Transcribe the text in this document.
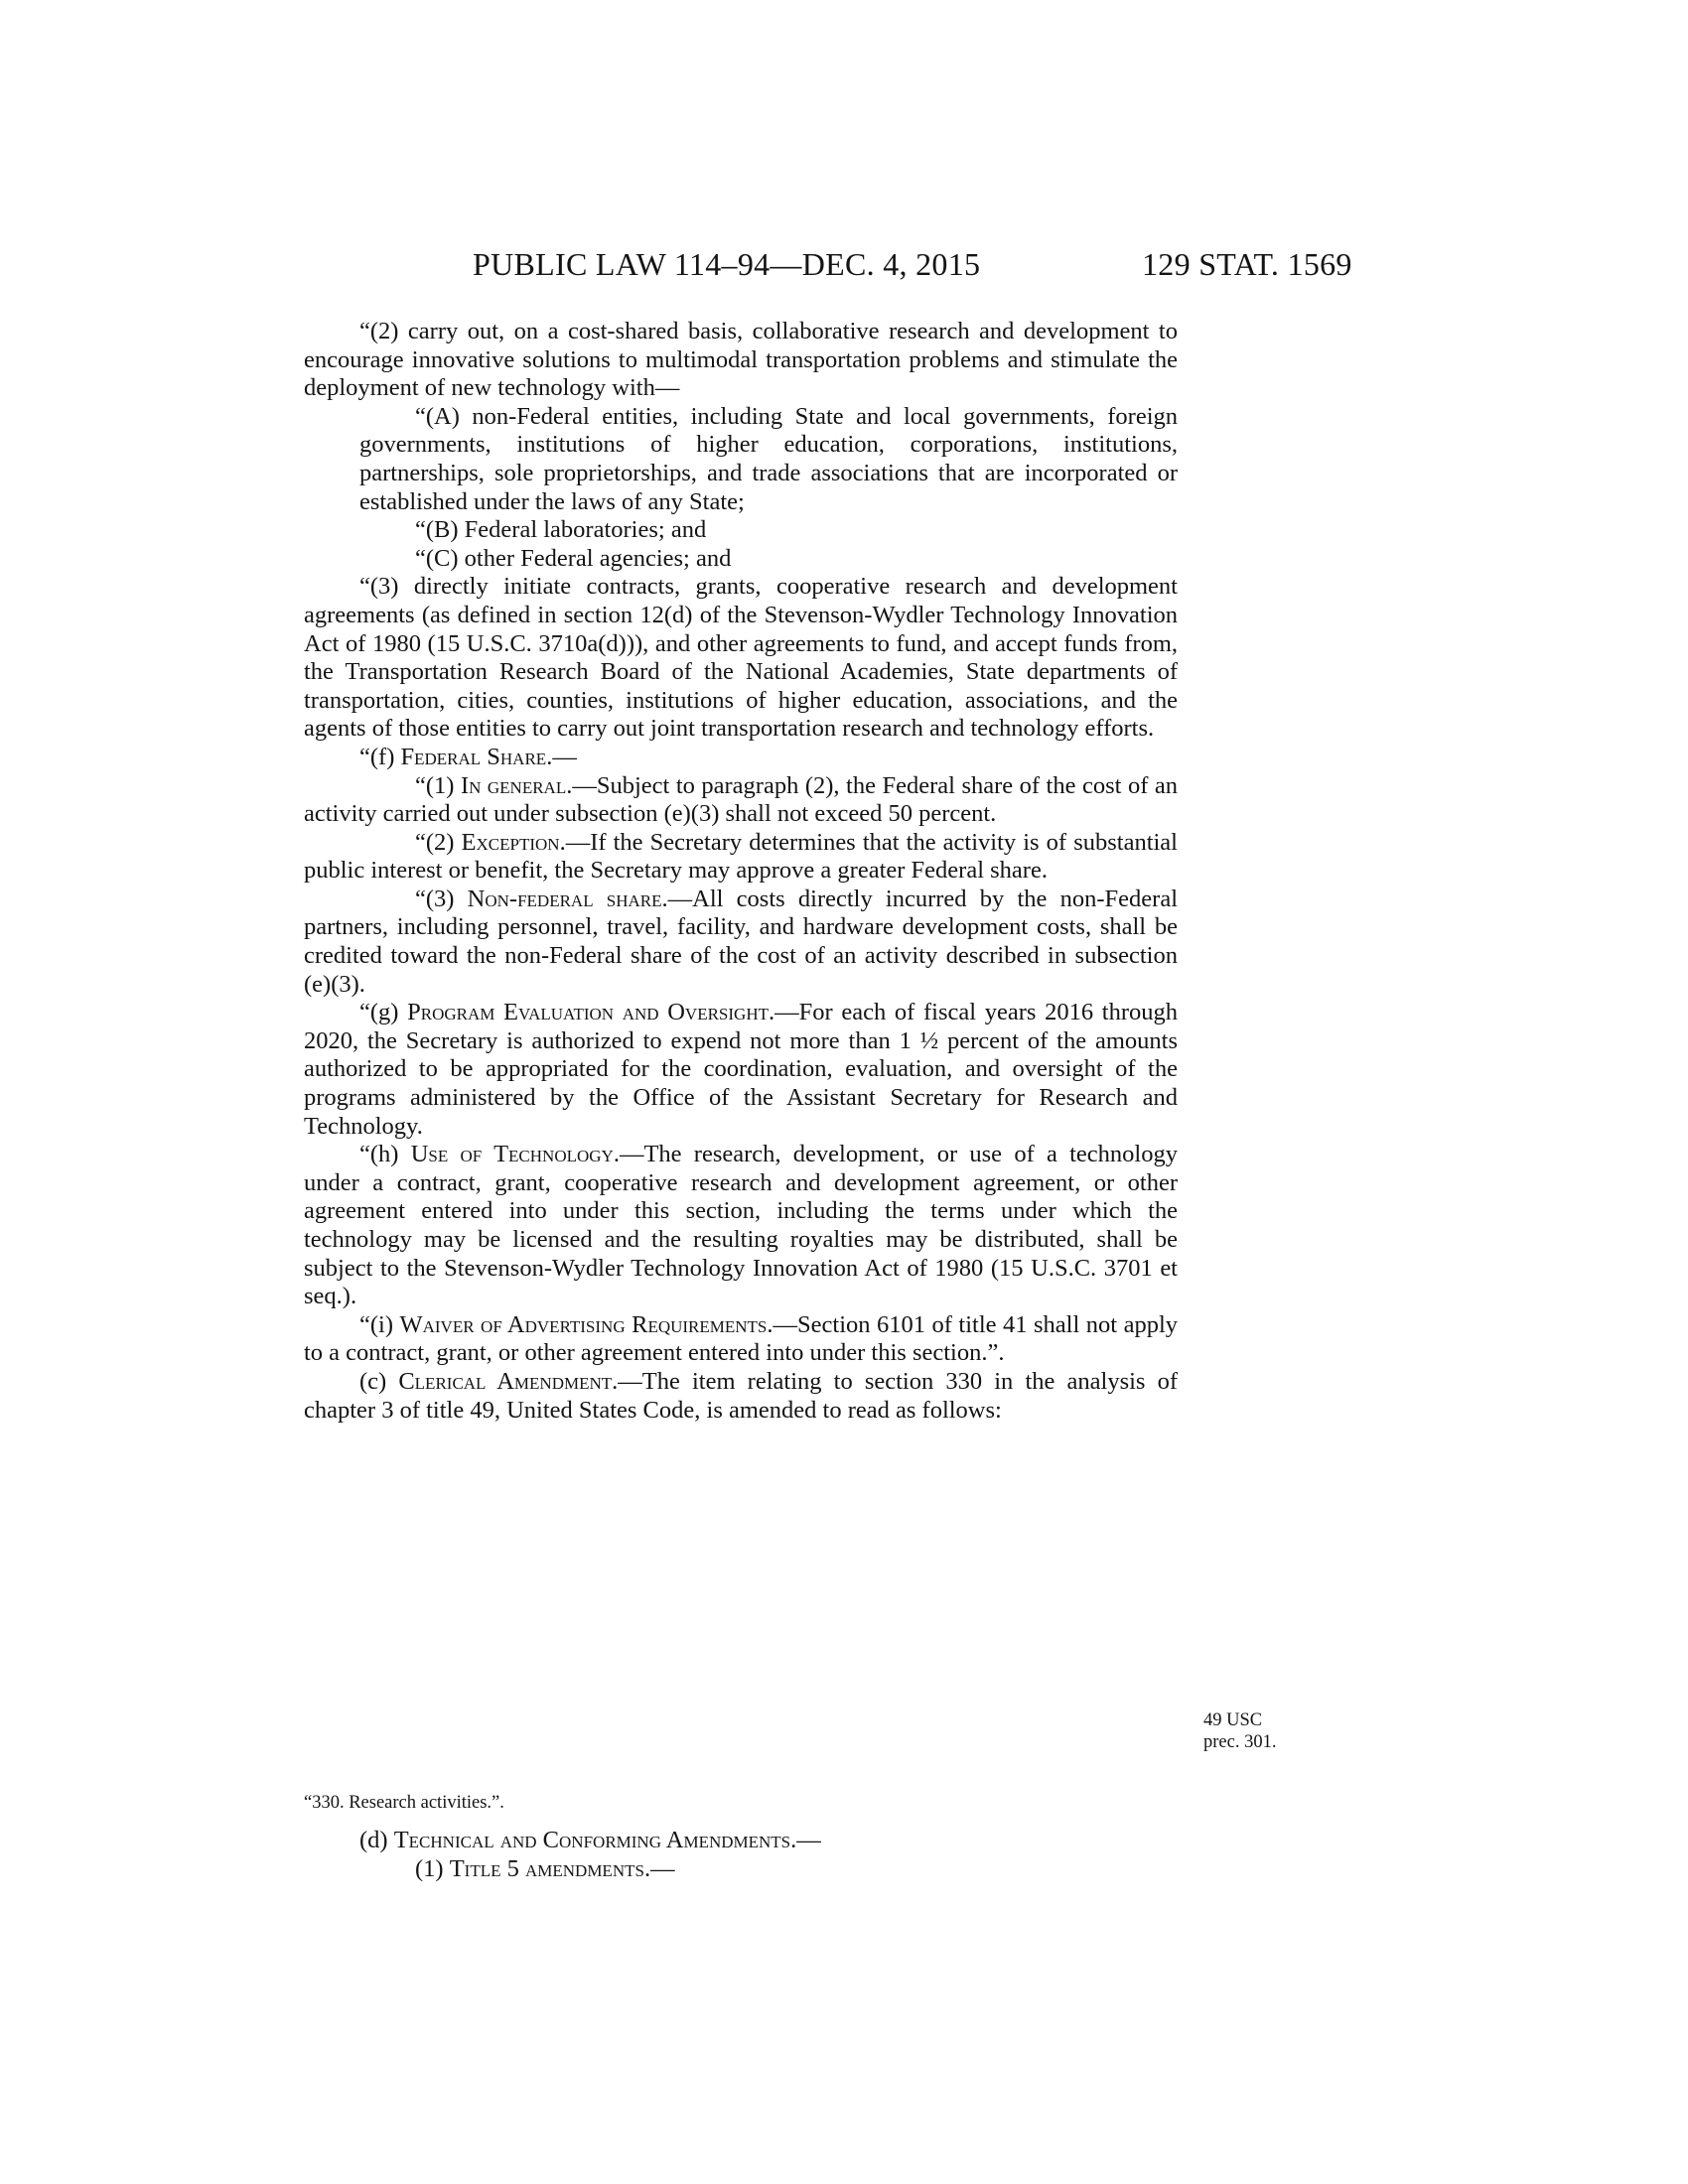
PUBLIC LAW 114–94—DEC. 4, 2015	129 STAT. 1569

“(2) carry out, on a cost-shared basis, collaborative research and development to encourage innovative solutions to multimodal transportation problems and stimulate the deployment of new technology with—

“(A) non-Federal entities, including State and local governments, foreign governments, institutions of higher education, corporations, institutions, partnerships, sole proprietorships, and trade associations that are incorporated or established under the laws of any State;

“(B) Federal laboratories; and

“(C) other Federal agencies; and

“(3) directly initiate contracts, grants, cooperative research and development agreements (as defined in section 12(d) of the Stevenson-Wydler Technology Innovation Act of 1980 (15 U.S.C. 3710a(d))), and other agreements to fund, and accept funds from, the Transportation Research Board of the National Academies, State departments of transportation, cities, counties, institutions of higher education, associations, and the agents of those entities to carry out joint transportation research and technology efforts.

“(f) Federal Share.—

“(1) In general.—Subject to paragraph (2), the Federal share of the cost of an activity carried out under subsection (e)(3) shall not exceed 50 percent.

“(2) Exception.—If the Secretary determines that the activity is of substantial public interest or benefit, the Secretary may approve a greater Federal share.

“(3) Non-federal share.—All costs directly incurred by the non-Federal partners, including personnel, travel, facility, and hardware development costs, shall be credited toward the non-Federal share of the cost of an activity described in subsection (e)(3).

“(g) Program Evaluation and Oversight.—For each of fiscal years 2016 through 2020, the Secretary is authorized to expend not more than 1 ½ percent of the amounts authorized to be appropriated for the coordination, evaluation, and oversight of the programs administered by the Office of the Assistant Secretary for Research and Technology.

“(h) Use of Technology.—The research, development, or use of a technology under a contract, grant, cooperative research and development agreement, or other agreement entered into under this section, including the terms under which the technology may be licensed and the resulting royalties may be distributed, shall be subject to the Stevenson-Wydler Technology Innovation Act of 1980 (15 U.S.C. 3701 et seq.).

“(i) Waiver of Advertising Requirements.—Section 6101 of title 41 shall not apply to a contract, grant, or other agreement entered into under this section.”.

(c) Clerical Amendment.—The item relating to section 330 in the analysis of chapter 3 of title 49, United States Code, is amended to read as follows:

“330. Research activities.”.

(d) Technical and Conforming Amendments.—

(1) Title 5 amendments.—

49 USC
prec. 301.
